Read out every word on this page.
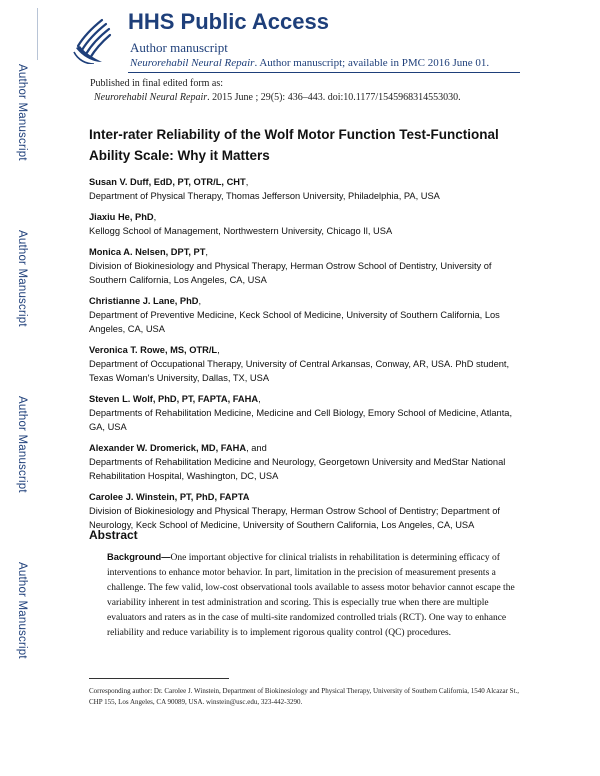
Author Manuscript
Author Manuscript
Author Manuscript
Author Manuscript
HHS Public Access
Author manuscript
Neurorehabil Neural Repair. Author manuscript; available in PMC 2016 June 01.
Published in final edited form as:
Neurorehabil Neural Repair. 2015 June ; 29(5): 436–443. doi:10.1177/1545968314553030.
Inter-rater Reliability of the Wolf Motor Function Test-Functional Ability Scale: Why it Matters
Susan V. Duff, EdD, PT, OTR/L, CHT,
Department of Physical Therapy, Thomas Jefferson University, Philadelphia, PA, USA
Jiaxiu He, PhD,
Kellogg School of Management, Northwestern University, Chicago Il, USA
Monica A. Nelsen, DPT, PT,
Division of Biokinesiology and Physical Therapy, Herman Ostrow School of Dentistry, University of Southern California, Los Angeles, CA, USA
Christianne J. Lane, PhD,
Department of Preventive Medicine, Keck School of Medicine, University of Southern California, Los Angeles, CA, USA
Veronica T. Rowe, MS, OTR/L,
Department of Occupational Therapy, University of Central Arkansas, Conway, AR, USA. PhD student, Texas Woman's University, Dallas, TX, USA
Steven L. Wolf, PhD, PT, FAPTA, FAHA,
Departments of Rehabilitation Medicine, Medicine and Cell Biology, Emory School of Medicine, Atlanta, GA, USA
Alexander W. Dromerick, MD, FAHA, and
Departments of Rehabilitation Medicine and Neurology, Georgetown University and MedStar National Rehabilitation Hospital, Washington, DC, USA
Carolee J. Winstein, PT, PhD, FAPTA
Division of Biokinesiology and Physical Therapy, Herman Ostrow School of Dentistry; Department of Neurology, Keck School of Medicine, University of Southern California, Los Angeles, CA, USA
Abstract

Background—One important objective for clinical trialists in rehabilitation is determining efficacy of interventions to enhance motor behavior. In part, limitation in the precision of measurement presents a challenge. The few valid, low-cost observational tools available to assess motor behavior cannot escape the variability inherent in test administration and scoring. This is especially true when there are multiple evaluators and raters as in the case of multi-site randomized controlled trials (RCT). One way to enhance reliability and reduce variability is to implement rigorous quality control (QC) procedures.

Corresponding author: Dr. Carolee J. Winstein, Department of Biokinesiology and Physical Therapy, University of Southern California, 1540 Alcazar St., CHP 155, Los Angeles, CA 90089, USA. winstein@usc.edu, 323-442-3290.
